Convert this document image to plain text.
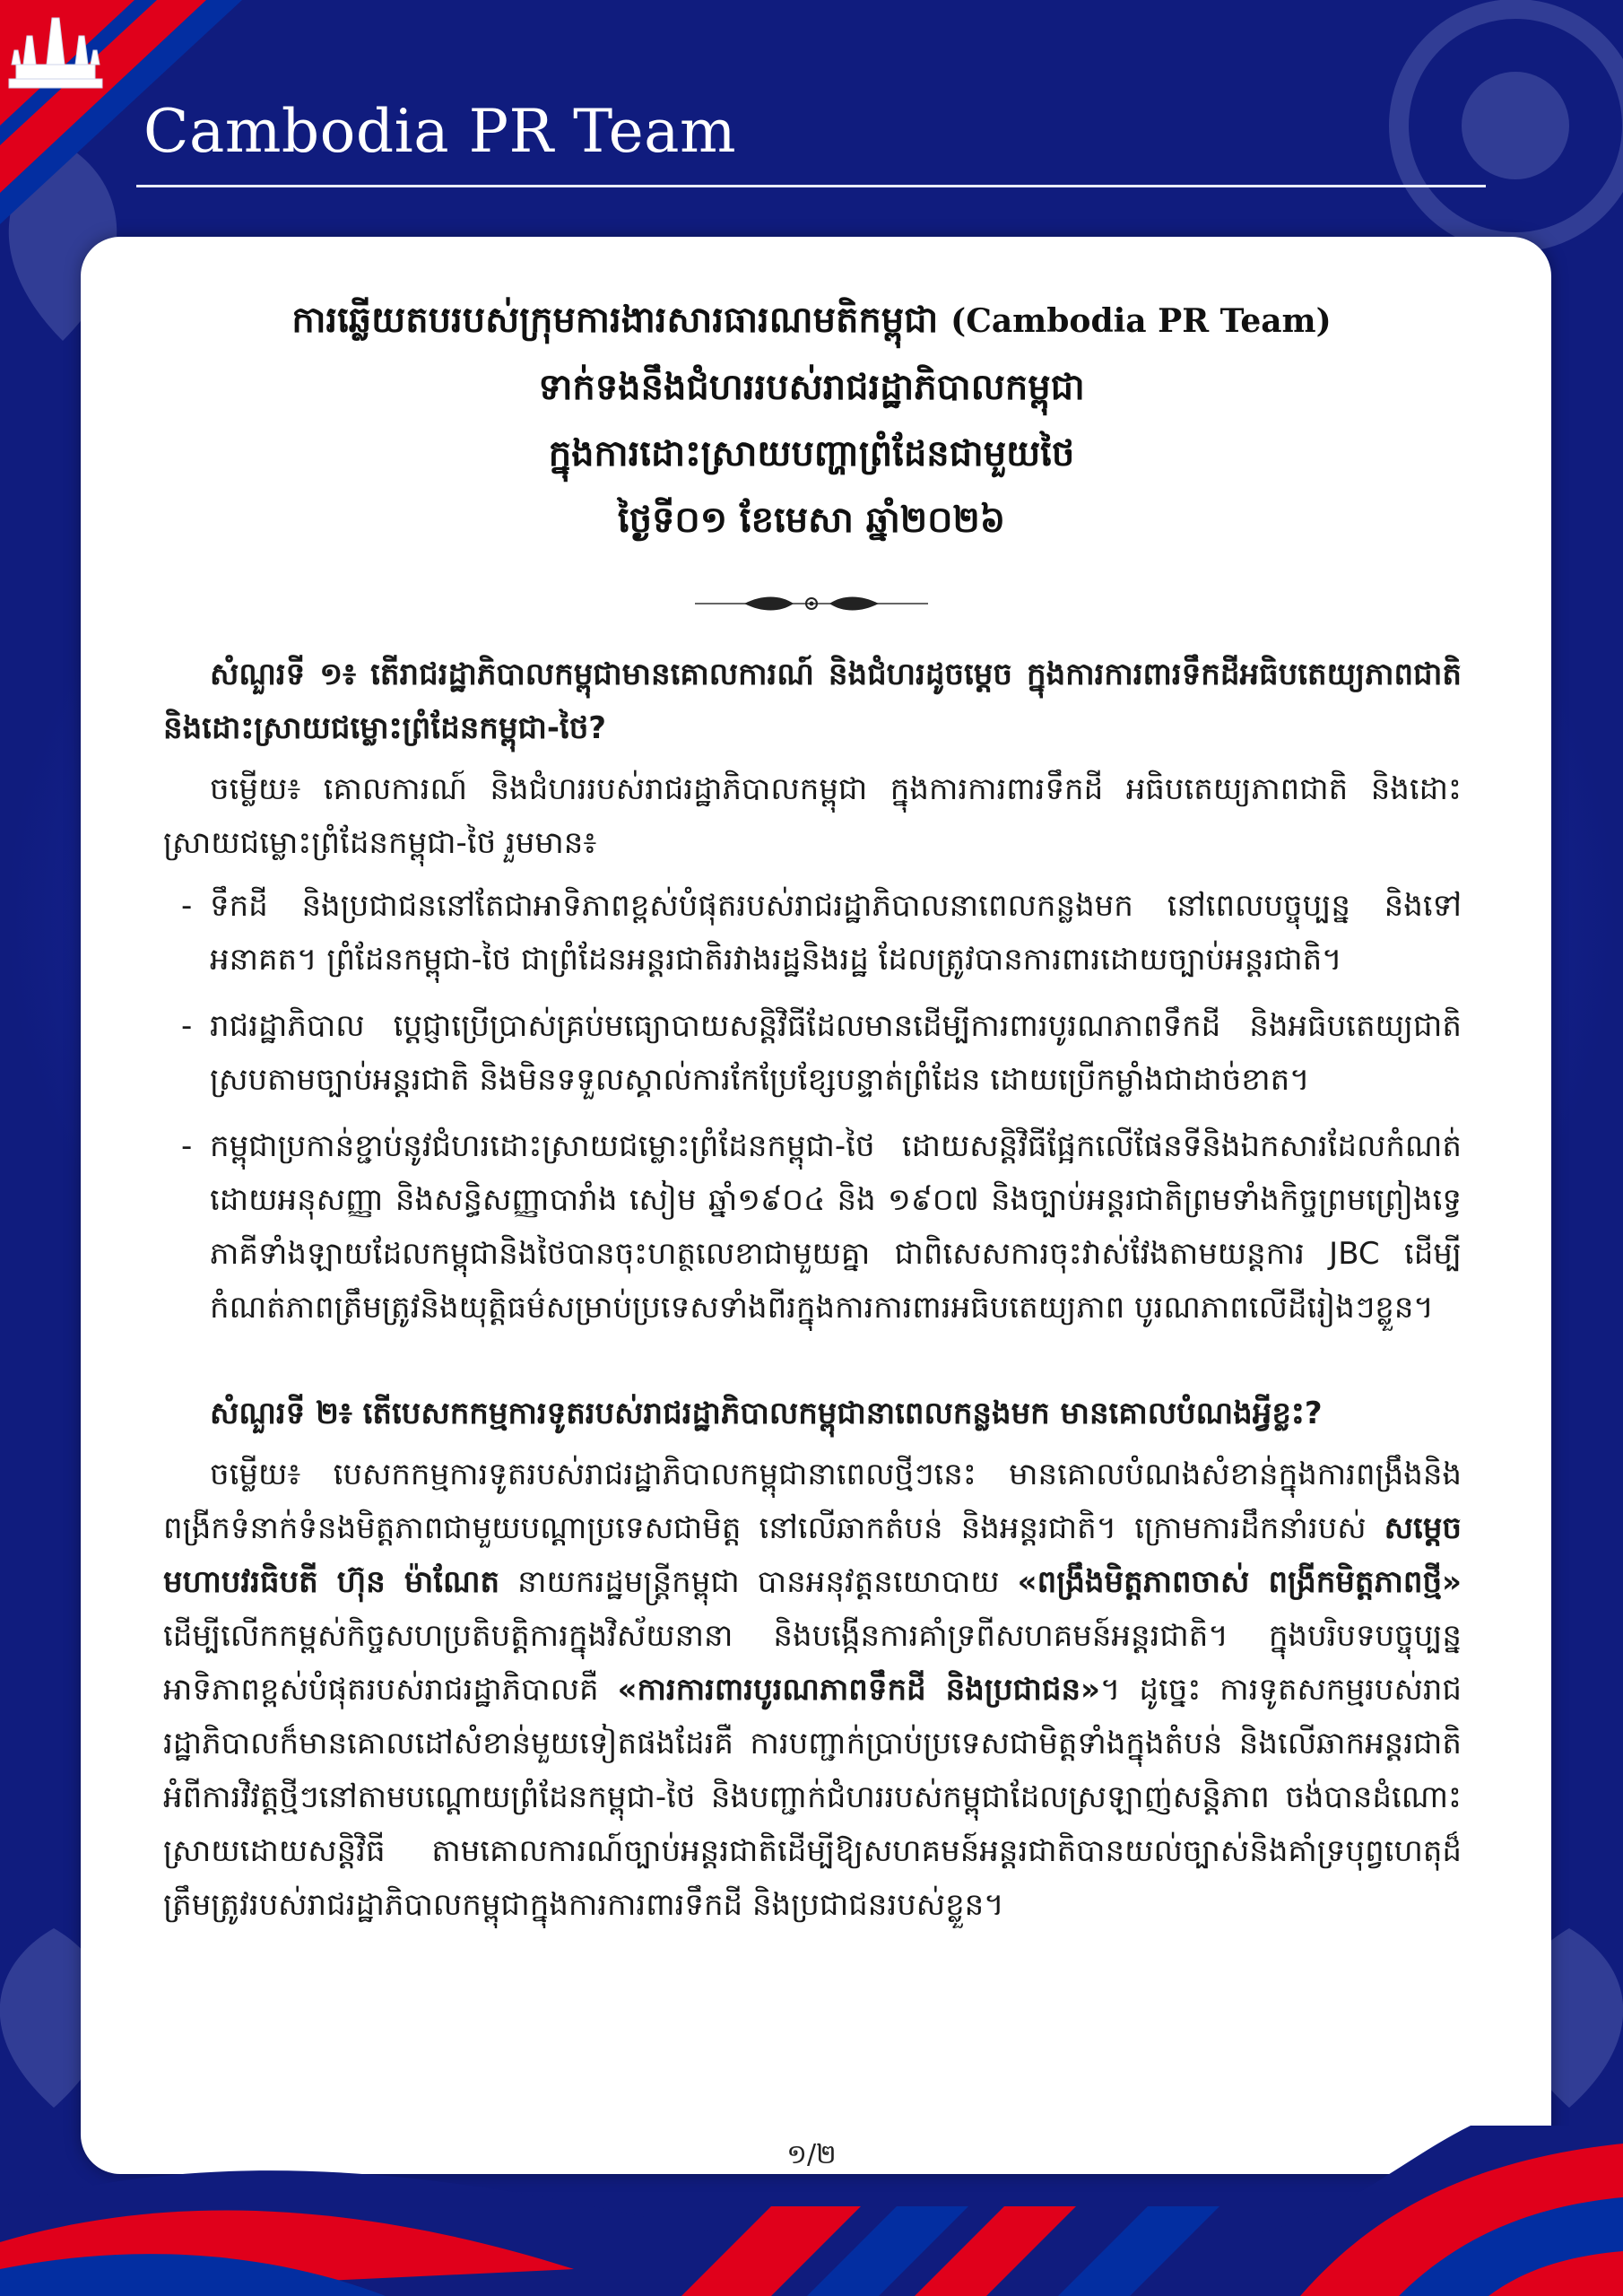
Cambodia PR Team
ការឆ្លើយតបរបស់ក្រុមការងារសារធារណមតិកម្ពុជា (Cambodia PR Team)
ទាក់ទងនឹងជំហររបស់រាជរដ្ឋាភិបាលកម្ពុជា
ក្នុងការដោះស្រាយបញ្ហាព្រំដែនជាមួយថៃ
ថ្ងៃទី០១ ខែមេសា ឆ្នាំ២០២៦

សំណួរទី ១៖ តើរាជរដ្ឋាភិបាលកម្ពុជាមានគោលការណ៍ និងជំហរដូចម្តេច ក្នុងការការពារទឹកដីអធិបតេយ្យភាពជាតិ និងដោះស្រាយជម្លោះព្រំដែនកម្ពុជា-ថៃ?

ចម្លើយ៖ គោលការណ៍ និងជំហររបស់រាជរដ្ឋាភិបាលកម្ពុជា ក្នុងការការពារទឹកដី អធិបតេយ្យភាពជាតិ និងដោះស្រាយជម្លោះព្រំដែនកម្ពុជា-ថៃ រួមមាន៖

- ទឹកដី និងប្រជាជននៅតែជាអាទិភាពខ្ពស់បំផុតរបស់រាជរដ្ឋាភិបាលនាពេលកន្លងមក នៅពេលបច្ចុប្បន្ន និងទៅអនាគត។ ព្រំដែនកម្ពុជា-ថៃ ជាព្រំដែនអន្តរជាតិរវាងរដ្ឋនិងរដ្ឋ ដែលត្រូវបានការពារដោយច្បាប់អន្តរជាតិ។
- រាជរដ្ឋាភិបាល ប្តេជ្ញាប្រើប្រាស់គ្រប់មធ្យោបាយសន្តិវិធីដែលមានដើម្បីការពារបូរណភាពទឹកដី និងអធិបតេយ្យជាតិស្របតាមច្បាប់អន្តរជាតិ និងមិនទទួលស្គាល់ការកែប្រែខ្សែបន្ទាត់ព្រំដែន ដោយប្រើកម្លាំងជាដាច់ខាត។
- កម្ពុជាប្រកាន់ខ្ជាប់នូវជំហរដោះស្រាយជម្លោះព្រំដែនកម្ពុជា-ថៃ ដោយសន្តិវិធីផ្អែកលើផែនទីនិងឯកសារដែលកំណត់ដោយអនុសញ្ញា និងសន្ធិសញ្ញាបារាំង សៀម ឆ្នាំ១៩០៤ និង ១៩០៧ និងច្បាប់អន្តរជាតិព្រមទាំងកិច្ចព្រមព្រៀងទ្វេភាគីទាំងឡាយដែលកម្ពុជានិងថៃបានចុះហត្ថលេខាជាមួយគ្នា ជាពិសេសការចុះវាស់វែងតាមយន្តការ JBC ដើម្បីកំណត់ភាពត្រឹមត្រូវនិងយុត្តិធម៌សម្រាប់ប្រទេសទាំងពីរក្នុងការការពារអធិបតេយ្យភាព បូរណភាពលើដីរៀងៗខ្លួន។

សំណួរទី ២៖ តើបេសកកម្មការទូតរបស់រាជរដ្ឋាភិបាលកម្ពុជានាពេលកន្លងមក មានគោលបំណងអ្វីខ្លះ?

ចម្លើយ៖ បេសកកម្មការទូតរបស់រាជរដ្ឋាភិបាលកម្ពុជានាពេលថ្មីៗនេះ មានគោលបំណងសំខាន់ក្នុងការពង្រឹងនិងពង្រីកទំនាក់ទំនងមិត្តភាពជាមួយបណ្តាប្រទេសជាមិត្ត នៅលើឆាកតំបន់ និងអន្តរជាតិ។ ក្រោមការដឹកនាំរបស់ សម្តេចមហាបវរធិបតី ហ៊ុន ម៉ាណែត នាយករដ្ឋមន្ត្រីកម្ពុជា បានអនុវត្តនយោបាយ «ពង្រឹងមិត្តភាពចាស់ ពង្រីកមិត្តភាពថ្មី» ដើម្បីលើកកម្ពស់កិច្ចសហប្រតិបត្តិការក្នុងវិស័យនានា និងបង្កើនការគាំទ្រពីសហគមន៍អន្តរជាតិ។ ក្នុងបរិបទបច្ចុប្បន្ន អាទិភាពខ្ពស់បំផុតរបស់រាជរដ្ឋាភិបាលគឺ «ការការពារបូរណភាពទឹកដី និងប្រជាជន»។ ដូច្នេះ ការទូតសកម្មរបស់រាជរដ្ឋាភិបាលក៏មានគោលដៅសំខាន់មួយទៀតផងដែរគឺ ការបញ្ជាក់ប្រាប់ប្រទេសជាមិត្តទាំងក្នុងតំបន់ និងលើឆាកអន្តរជាតិអំពីការវិវត្តថ្មីៗនៅតាមបណ្តោយព្រំដែនកម្ពុជា-ថៃ និងបញ្ជាក់ជំហររបស់កម្ពុជាដែលស្រឡាញ់សន្តិភាព ចង់បានដំណោះស្រាយដោយសន្តិវិធី តាមគោលការណ៍ច្បាប់អន្តរជាតិដើម្បីឱ្យសហគមន៍អន្តរជាតិបានយល់ច្បាស់និងគាំទ្របុព្វហេតុដ៏ត្រឹមត្រូវរបស់រាជរដ្ឋាភិបាលកម្ពុជាក្នុងការការពារទឹកដី និងប្រជាជនរបស់ខ្លួន។

១/២
